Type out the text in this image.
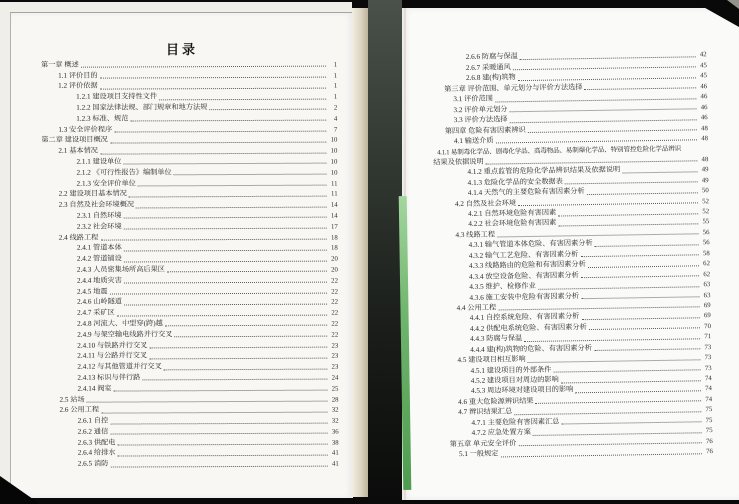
目录
第一章 概述	1
1.1 评价目的	1
1.2 评价依据	1
1.2.1 建设项目支持性文件	1
1.2.2 国家法律法规、部门规章和地方法规	2
1.2.3 标准、规范	4
1.3 安全评价程序	7
第二章 建设项目概况	10
2.1 基本情况	10
2.1.1 建设单位	10
2.1.2 《可行性报告》编制单位	10
2.1.3 安全评价单位	11
2.2 建设项目基本情况	11
2.3 自然及社会环境概况	14
2.3.1 自然环境	14
2.3.2 社会环境	17
2.4 线路工程	18
2.4.1 管道本体	18
2.4.2 管道铺设	20
2.4.3 人员密集场所高后果区	20
2.4.4 地质灾害	22
2.4.5 地震	22
2.4.6 山岭隧道	22
2.4.7 采矿区	22
2.4.8 河流大、中型穿(跨)越	22
2.4.9 与架空输电线路并行交叉	22
2.4.10 与铁路并行交叉	23
2.4.11 与公路并行交叉	23
2.4.12 与其他管道并行交叉	23
2.4.13 标识与伴行路	24
2.4.14 阀室	25
2.5 站场	28
2.6 公用工程	32
2.6.1 自控	32
2.6.2 通信	36
2.6.3 供配电	38
2.6.4 给排水	41
2.6.5 消防	41
2.6.6 防腐与保温	42
2.6.7 采暖通风	45
2.6.8 建(构)筑物	45
第三章 评价范围、单元划分与评价方法选择	46
3.1 评价范围	46
3.2 评价单元划分	46
3.3 评价方法选择	46
第四章 危险有害因素辨识	48
4.1 输送介质	48
4.1.1 易制毒化学品、剧毒化学品、高毒物品、易制爆化学品、特别管控危险化学品辨识
结果及依据说明	48
4.1.2 重点监管的危险化学品辨识结果及依据说明	49
4.1.3 危险化学品的安全数据表	49
4.1.4 天然气的主要危险有害因素分析	50
4.2 自然及社会环境	52
4.2.1 自然环境危险有害因素	52
4.2.2 社会环境危险有害因素	55
4.3 线路工程	56
4.3.1 输气管道本体危险、有害因素分析	56
4.3.2 输气工艺危险、有害因素分析	58
4.3.3 线路路由的危险和有害因素分析	62
4.3.4 放空设备危险、有害因素分析	62
4.3.5 维护、检修作业	63
4.3.6 施工安装中危险有害因素分析	63
4.4 公用工程	69
4.4.1 自控系统危险、有害因素分析	69
4.4.2 供配电系统危险、有害因素分析	70
4.4.3 防腐与保温	71
4.4.4 建(构)筑物的危险、有害因素分析	73
4.5 建设项目相互影响	73
4.5.1 建设项目的外部条件	73
4.5.2 建设项目对周边的影响	74
4.5.3 周边环境对建设项目的影响	74
4.6 重大危险源辨识结果	74
4.7 辨识结果汇总	75
4.7.1 主要危险有害因素汇总	75
4.7.2 应急处置方案	75
第五章 单元安全评价	76
5.1 一般规定	76
